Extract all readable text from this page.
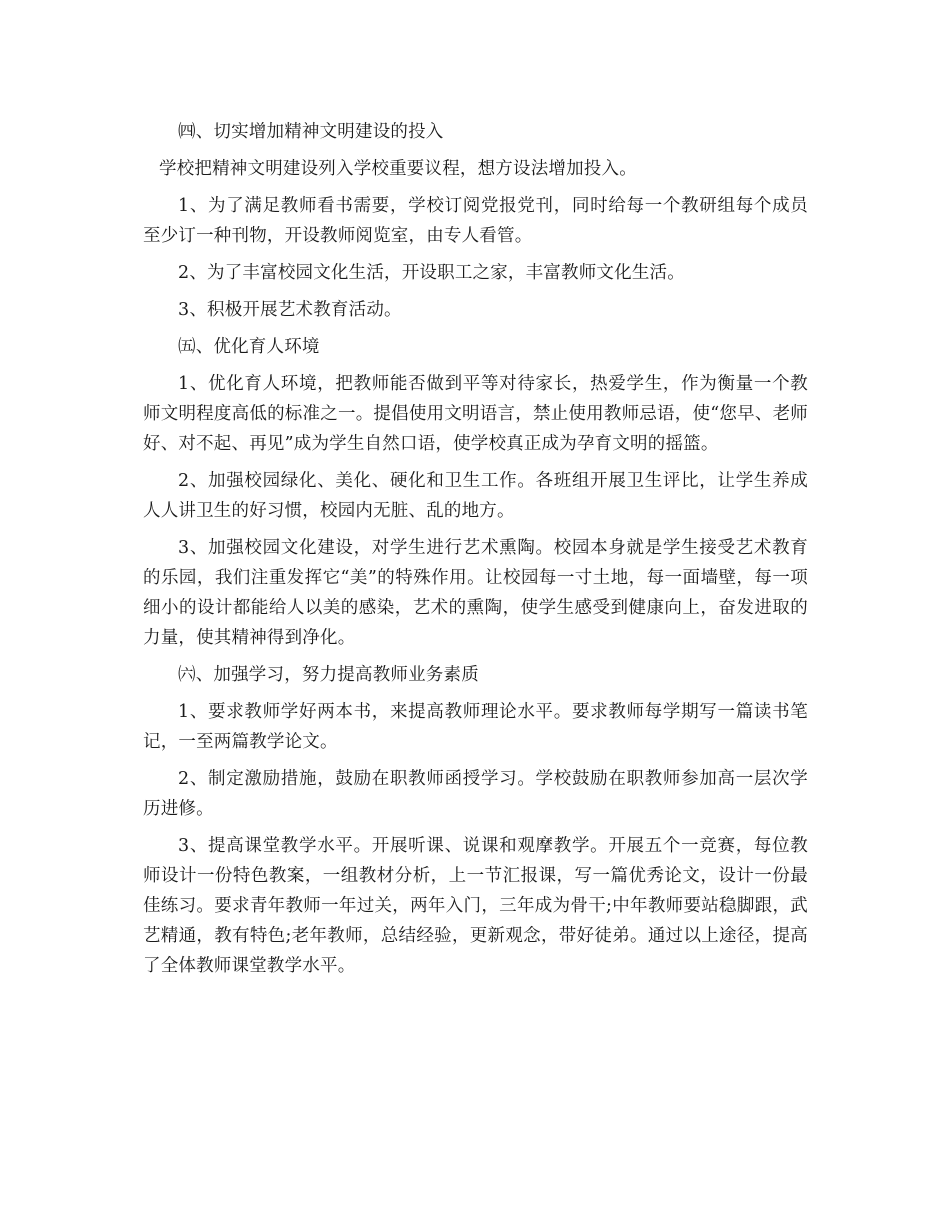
㈣、切实增加精神文明建设的投入

学校把精神文明建设列入学校重要议程，想方设法增加投入。

1、为了满足教师看书需要，学校订阅党报党刊，同时给每一个教研组每个成员至少订一种刊物，开设教师阅览室，由专人看管。

2、为了丰富校园文化生活，开设职工之家，丰富教师文化生活。

3、积极开展艺术教育活动。

㈤、优化育人环境

1、优化育人环境，把教师能否做到平等对待家长，热爱学生，作为衡量一个教师文明程度高低的标准之一。提倡使用文明语言，禁止使用教师忌语，使“您早、老师好、对不起、再见”成为学生自然口语，使学校真正成为孕育文明的摇篮。

2、加强校园绿化、美化、硬化和卫生工作。各班组开展卫生评比，让学生养成人人讲卫生的好习惯，校园内无脏、乱的地方。

3、加强校园文化建设，对学生进行艺术熏陶。校园本身就是学生接受艺术教育的乐园，我们注重发挥它“美”的特殊作用。让校园每一寸土地，每一面墙壁，每一项细小的设计都能给人以美的感染，艺术的熏陶，使学生感受到健康向上，奋发进取的力量，使其精神得到净化。

㈥、加强学习，努力提高教师业务素质

1、要求教师学好两本书，来提高教师理论水平。要求教师每学期写一篇读书笔记，一至两篇教学论文。

2、制定激励措施，鼓励在职教师函授学习。学校鼓励在职教师参加高一层次学历进修。

3、提高课堂教学水平。开展听课、说课和观摩教学。开展五个一竞赛，每位教师设计一份特色教案，一组教材分析，上一节汇报课，写一篇优秀论文，设计一份最佳练习。要求青年教师一年过关，两年入门，三年成为骨干;中年教师要站稳脚跟，武艺精通，教有特色;老年教师，总结经验，更新观念，带好徒弟。通过以上途径，提高了全体教师课堂教学水平。
